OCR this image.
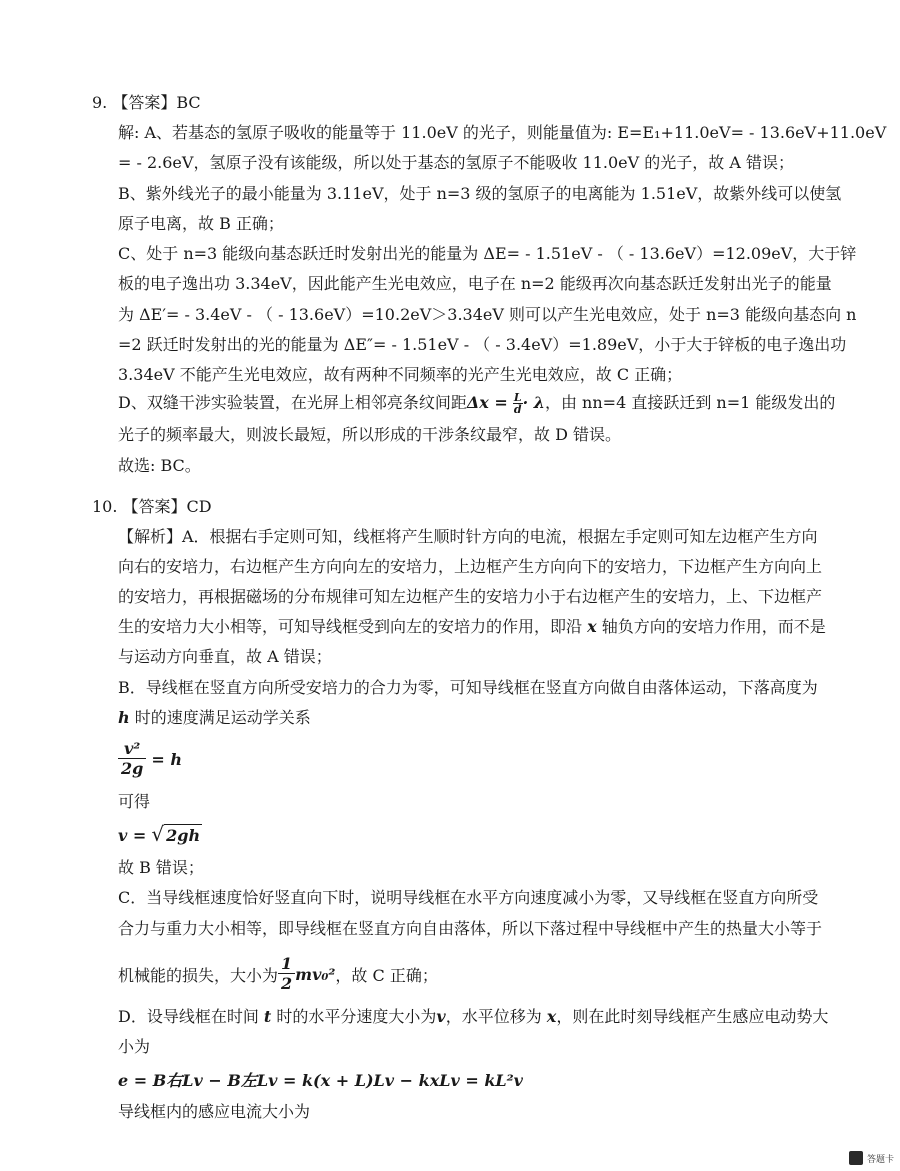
9. 【答案】BC
解: A、若基态的氢原子吸收的能量等于 11.0eV 的光子，则能量值为: E=E₁+11.0eV= ‑ 13.6eV+11.0eV
= ‑ 2.6eV，氢原子没有该能级，所以处于基态的氢原子不能吸收 11.0eV 的光子，故 A 错误；
B、紫外线光子的最小能量为 3.11eV，处于 n=3 级的氢原子的电离能为 1.51eV，故紫外线可以使氢
原子电离，故 B 正确；
C、处于 n=3 能级向基态跃迁时发射出光的能量为 ΔE= ‑ 1.51eV ‑ （ ‑ 13.6eV）=12.09eV，大于锌
板的电子逸出功 3.34eV，因此能产生光电效应，电子在 n=2 能级再次向基态跃迁发射出光子的能量
为 ΔE′= ‑ 3.4eV ‑ （ ‑ 13.6eV）=10.2eV＞3.34eV 则可以产生光电效应，处于 n=3 能级向基态向 n
=2 跃迁时发射出的光的能量为 ΔE″= ‑ 1.51eV ‑ （ ‑ 3.4eV）=1.89eV，小于大于锌板的电子逸出功
3.34eV 不能产生光电效应，故有两种不同频率的光产生光电效应，故 C 正确；
D、双缝干涉实验装置，在光屏上相邻亮条纹间距$\Delta x = \frac{L}{d} \cdot \lambda$，由 nn=4 直接跃迁到 n=1 能级发出的
光子的频率最大，则波长最短，所以形成的干涉条纹最窄，故 D 错误。
故选: BC。
10. 【答案】CD
【解析】A．根据右手定则可知，线框将产生顺时针方向的电流，根据左手定则可知左边框产生方向
向右的安培力，右边框产生方向向左的安培力，上边框产生方向向下的安培力，下边框产生方向向上
的安培力，再根据磁场的分布规律可知左边框产生的安培力小于右边框产生的安培力，上、下边框产
生的安培力大小相等，可知导线框受到向左的安培力的作用，即沿 x 轴负方向的安培力作用，而不是
与运动方向垂直，故 A 错误；
B．导线框在竖直方向所受安培力的合力为零，可知导线框在竖直方向做自由落体运动，下落高度为
h 时的速度满足运动学关系
$\frac{\text{v²}}{2g} = h$
可得
v = √ 2gh
故 B 错误；
C．当导线框速度恰好竖直向下时，说明导线框在水平方向速度减小为零，又导线框在竖直方向所受
合力与重力大小相等，即导线框在竖直方向自由落体，所以下落过程中导线框中产生的热量大小等于
机械能的损失，大小为 $\frac{1}{2} mv_0^2$，故 C 正确；
D．设导线框在时间 t 时的水平分速度大小为v，水平位移为 x，则在此时刻导线框产生感应电动势大
小为
e = B右Lv − B左Lv = k(x + L)Lv − kxLv = kL²v
导线框内的感应电流大小为
答题卡
